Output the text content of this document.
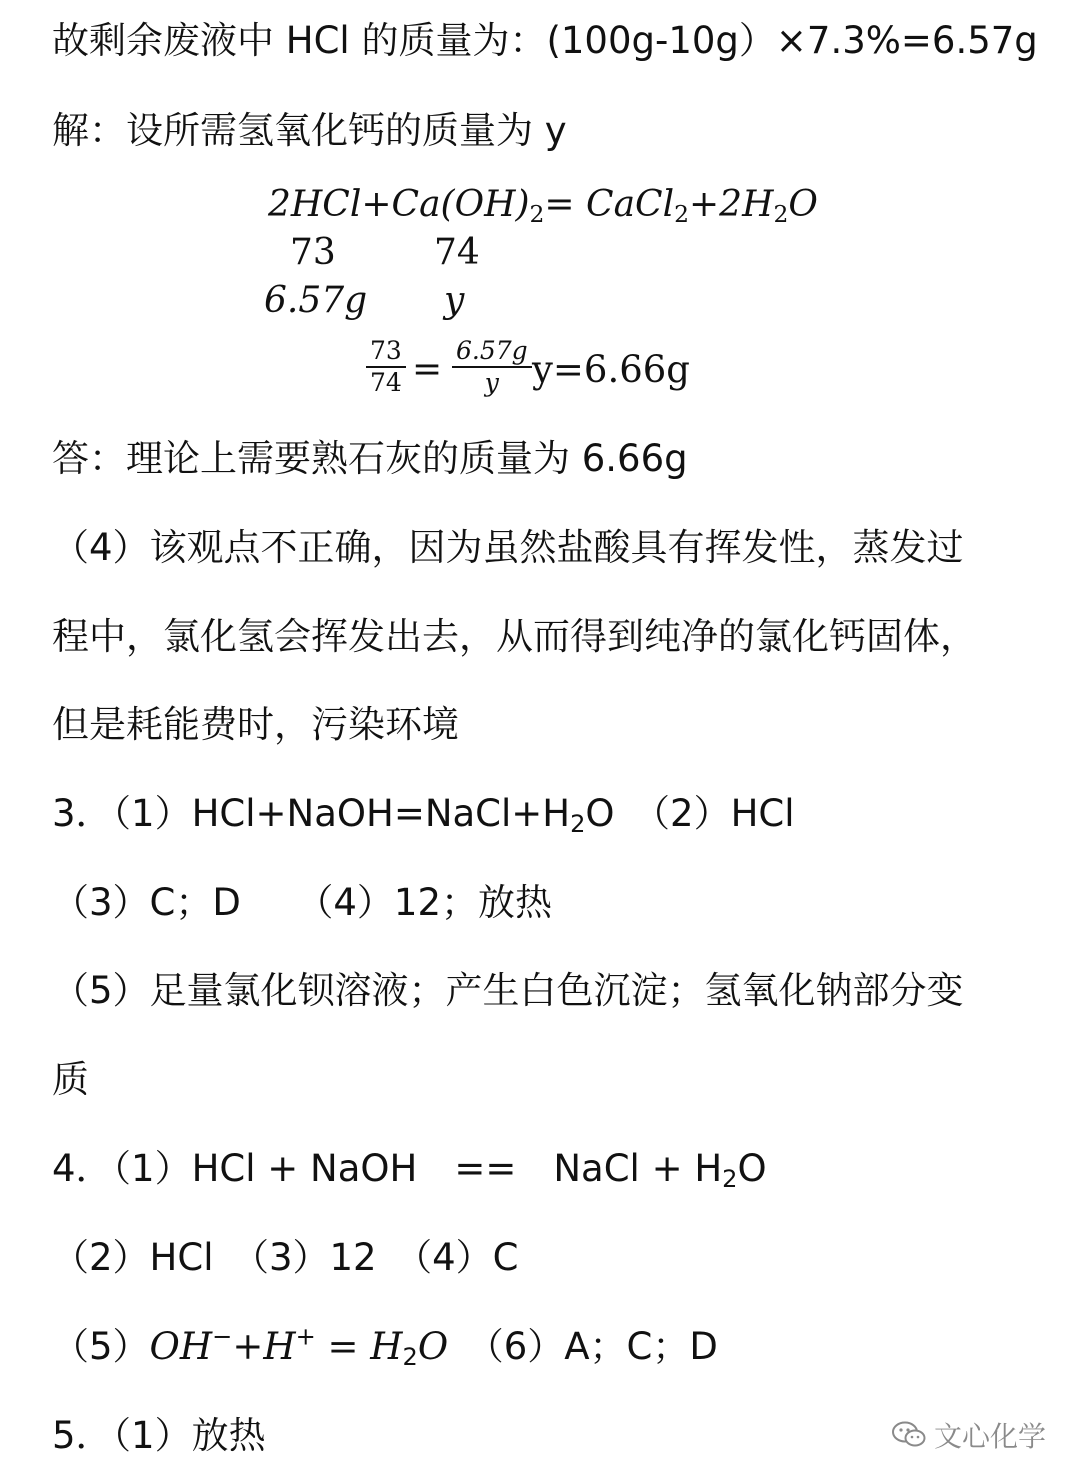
故剩余废液中 HCl 的质量为：(100g-10g）×7.3%=6.57g
解：设所需氢氧化钙的质量为 y
$2HCl+Ca(OH)_2=$ $CaCl_2+2H_2O$
73	74
6.57g y
$\frac{73}{74} = \frac{6.57g}{y} y=6.66g$
答：理论上需要熟石灰的质量为 6.66g
（4）该观点不正确，因为虽然盐酸具有挥发性，蒸发过
程中，氯化氢会挥发出去，从而得到纯净的氯化钙固体，
但是耗能费时，污染环境
3．$(1)HCl+NaOH=NaCl+H_2O$　（2）HCl
（3）C；D　　（4）12；放热
（5）足量氯化钡溶液；产生白色沉淀；氢氧化钠部分变
质
4．（1）HCl + NaOH　==　NaCl + $H_2O$
（2）HCl　（3）12　（4）C
$(5)OH^-+H^+ = H_2O$　（6）A；C；D
5．（1）放热	文心化学
